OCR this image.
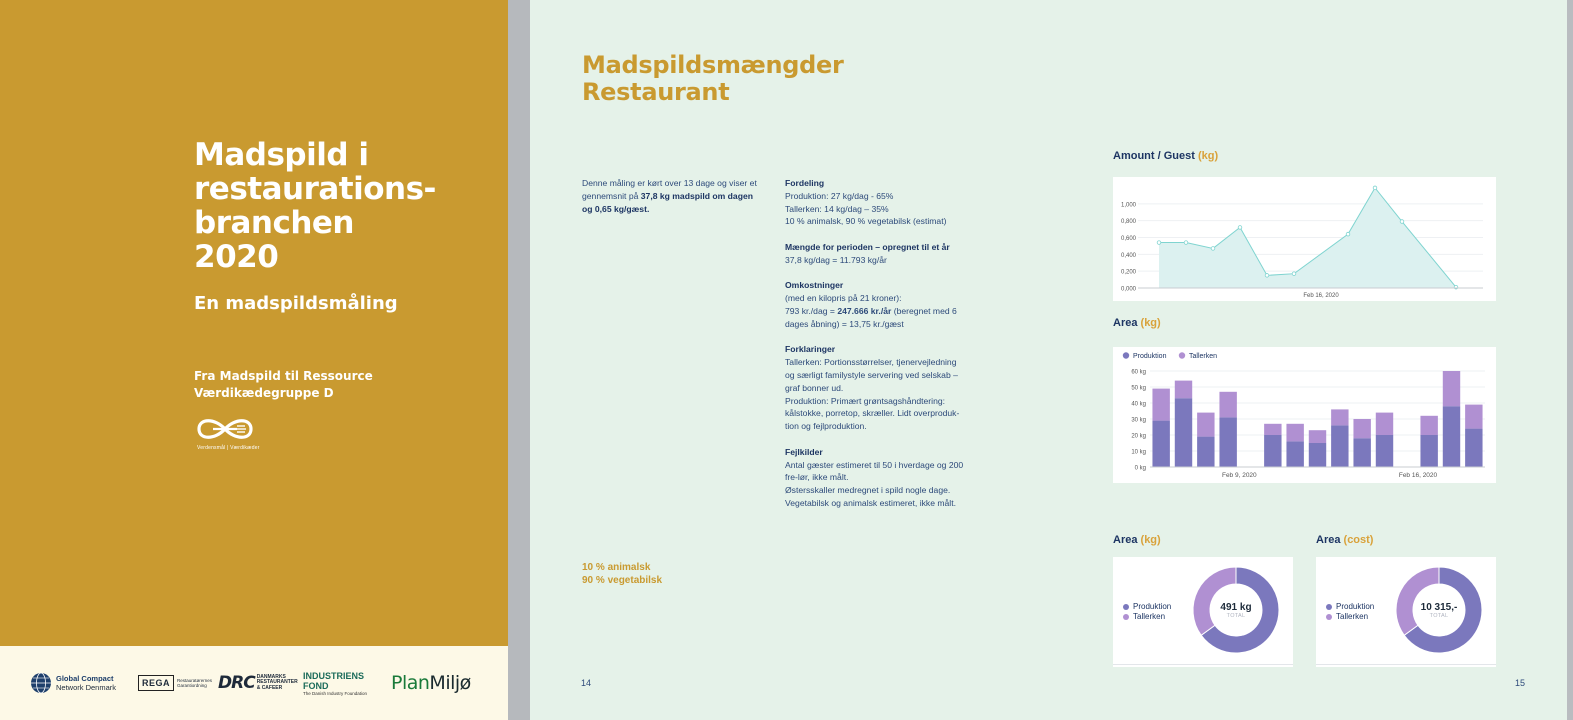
Madspild i
restaurations-
branchen
2020
En madspildsmåling
Fra Madspild til Ressource
Værdikædegruppe D
Verdensmål | Værdikæder
Global Compact
Network Denmark	REGA	Restauratørernes Garantiordning DRC DANMARKS RESTAURANTER & CAFEER
INDUSTRIENS
FOND
The Danish Industry Foundation Plan Miljø
Madspildsmængder
Restaurant
Denne måling er kørt over 13 dage og viser et gennemsnit på 37,8 kg madspild om dagen og 0,65 kg/gæst.
Fordeling
Produktion: 27 kg/dag - 65%
Tallerken: 14 kg/dag – 35%
10 % animalsk, 90 % vegetabilsk (estimat)
Mængde for perioden – opregnet til et år
37,8 kg/dag = 11.793 kg/år
Omkostninger
(med en kilopris på 21 kroner):
793 kr./dag = 247.666 kr./år (beregnet med 6 dages åbning) = 13,75 kr./gæst
Forklaringer
Tallerken: Portionsstørrelser, tjenervejledning og særligt familystyle servering ved selskab – graf bonner ud.
Produktion: Primært grøntsagshåndtering: kålstokke, porretop, skræller. Lidt overproduk-tion og fejlproduktion.
Fejlkilder
Antal gæster estimeret til 50 i hverdage og 200 fre-lør, ikke målt.
Østersskaller medregnet i spild nogle dage.
Vegetabilsk og animalsk estimeret, ikke målt.
10 % animalsk
90 % vegetabilsk
Amount / Guest (kg)
1,000
0,800
0,600
0,400
0,200
0,000
Feb 16, 2020
Area (kg)
Produktion	Tallerken
60 kg
50 kg
40 kg
30 kg
20 kg
10 kg
0 kg
Feb 9, 2020	Feb 16, 2020
Area (kg)
Produktion
Tallerken
491 kg
TOTAL
Area (cost)
Produktion
Tallerken
10 315,-
TOTAL
14	15
